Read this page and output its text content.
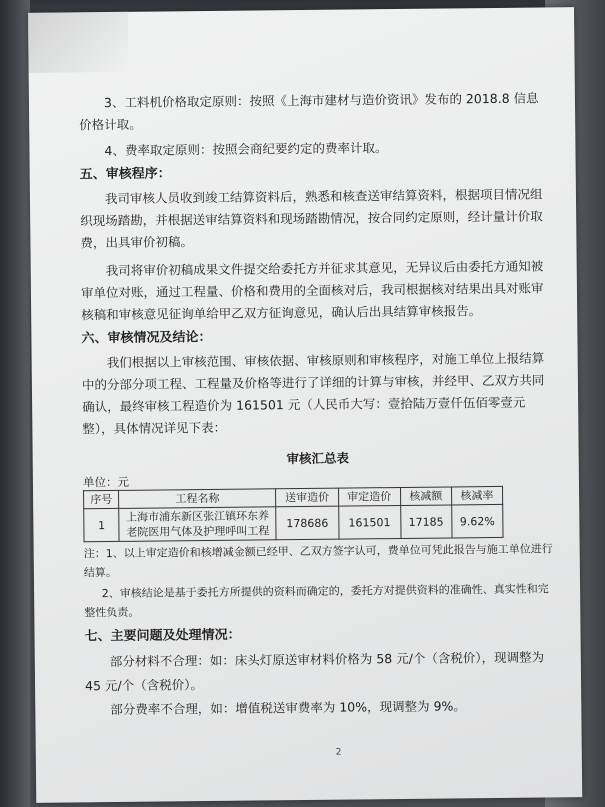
3、工料机价格取定原则：按照《上海市建材与造价资讯》发布的 2018.8 信息价格计取。

4、费率取定原则：按照会商纪要约定的费率计取。

五、审核程序：

我司审核人员收到竣工结算资料后，熟悉和核查送审结算资料，根据项目情况组织现场踏勘，并根据送审结算资料和现场踏勘情况，按合同约定原则，经计量计价取费，出具审价初稿。

我司将审价初稿成果文件提交给委托方并征求其意见，无异议后由委托方通知被审单位对账，通过工程量、价格和费用的全面核对后，我司根据核对结果出具对账审核稿和审核意见征询单给甲乙双方征询意见，确认后出具结算审核报告。

六、审核情况及结论：

我们根据以上审核范围、审核依据、审核原则和审核程序，对施工单位上报结算中的分部分项工程、工程量及价格等进行了详细的计算与审核，并经甲、乙双方共同确认，最终审核工程造价为 161501 元（人民币大写：壹拾陆万壹仟伍佰零壹元整），具体情况详见下表：

审核汇总表
单位：元
序号	工程名称	送审造价	审定造价	核减额	核减率
1	上海市浦东新区张江镇环东养老院医用气体及护理呼叫工程	178686	161501	17185	9.62%

注：1、以上审定造价和核增减金额已经甲、乙双方签字认可，费单位可凭此报告与施工单位进行结算。

2、审核结论是基于委托方所提供的资料而确定的，委托方对提供资料的准确性、真实性和完整性负责。

七、主要问题及处理情况：

部分材料不合理：如：床头灯原送审材料价格为 58 元/个（含税价），现调整为 45 元/个（含税价）。

部分费率不合理，如：增值税送审费率为 10%，现调整为 9%。

2
